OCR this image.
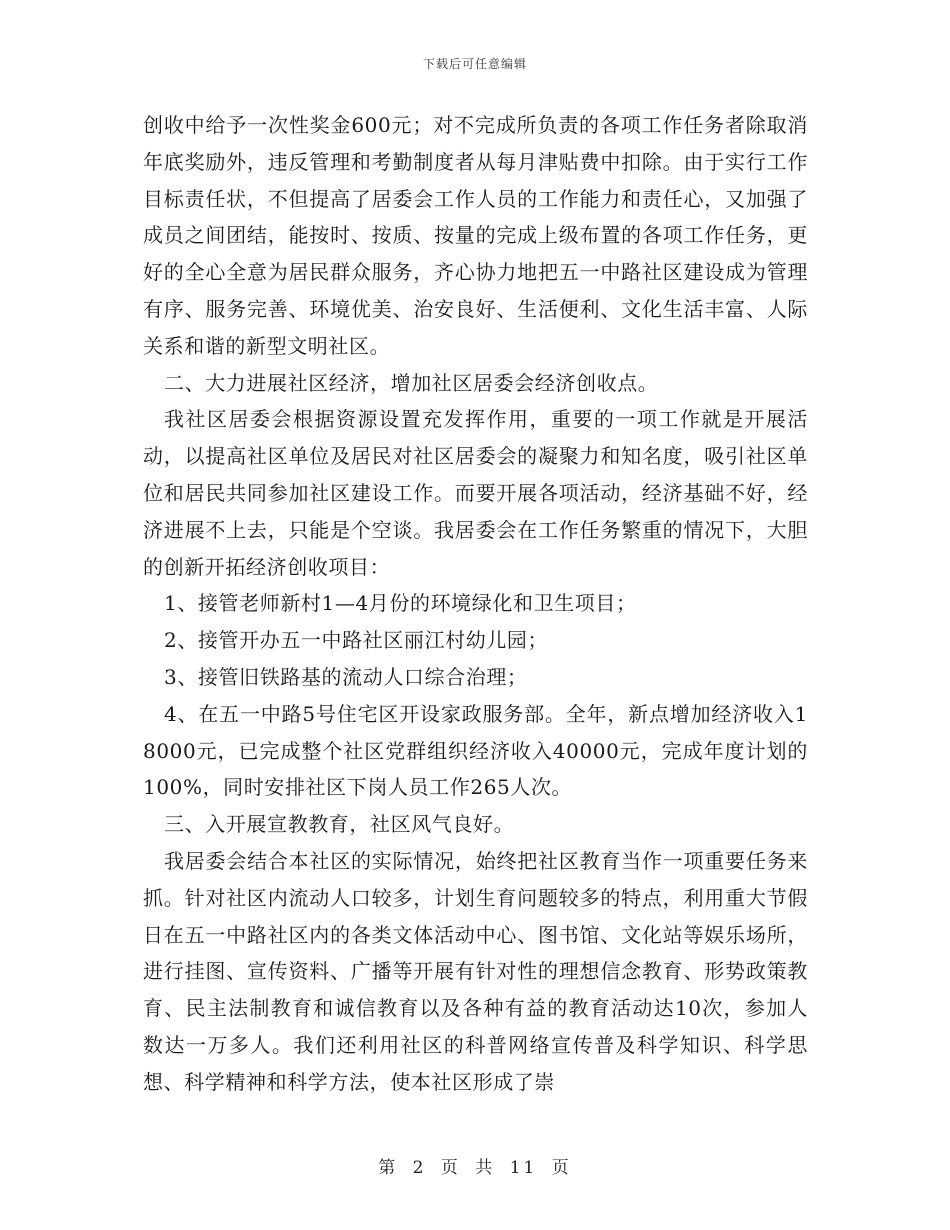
下载后可任意编辑

创收中给予一次性奖金600元；对不完成所负责的各项工作任务者除取消年底奖励外，违反管理和考勤制度者从每月津贴费中扣除。由于实行工作目标责任状，不但提高了居委会工作人员的工作能力和责任心，又加强了成员之间团结，能按时、按质、按量的完成上级布置的各项工作任务，更好的全心全意为居民群众服务，齐心协力地把五一中路社区建设成为管理有序、服务完善、环境优美、治安良好、生活便利、文化生活丰富、人际关系和谐的新型文明社区。

二、大力进展社区经济，增加社区居委会经济创收点。

我社区居委会根据资源设置充发挥作用，重要的一项工作就是开展活动，以提高社区单位及居民对社区居委会的凝聚力和知名度，吸引社区单位和居民共同参加社区建设工作。而要开展各项活动，经济基础不好，经济进展不上去，只能是个空谈。我居委会在工作任务繁重的情况下，大胆的创新开拓经济创收项目：

1、接管老师新村1—4月份的环境绿化和卫生项目；

2、接管开办五一中路社区丽江村幼儿园；

3、接管旧铁路基的流动人口综合治理；

4、在五一中路5号住宅区开设家政服务部。全年，新点增加经济收入18000元，已完成整个社区党群组织经济收入40000元，完成年度计划的100%，同时安排社区下岗人员工作265人次。

三、入开展宣教教育，社区风气良好。

我居委会结合本社区的实际情况，始终把社区教育当作一项重要任务来抓。针对社区内流动人口较多，计划生育问题较多的特点，利用重大节假日在五一中路社区内的各类文体活动中心、图书馆、文化站等娱乐场所，进行挂图、宣传资料、广播等开展有针对性的理想信念教育、形势政策教育、民主法制教育和诚信教育以及各种有益的教育活动达10次，参加人数达一万多人。我们还利用社区的科普网络宣传普及科学知识、科学思想、科学精神和科学方法，使本社区形成了崇

第 2 页 共 11 页
